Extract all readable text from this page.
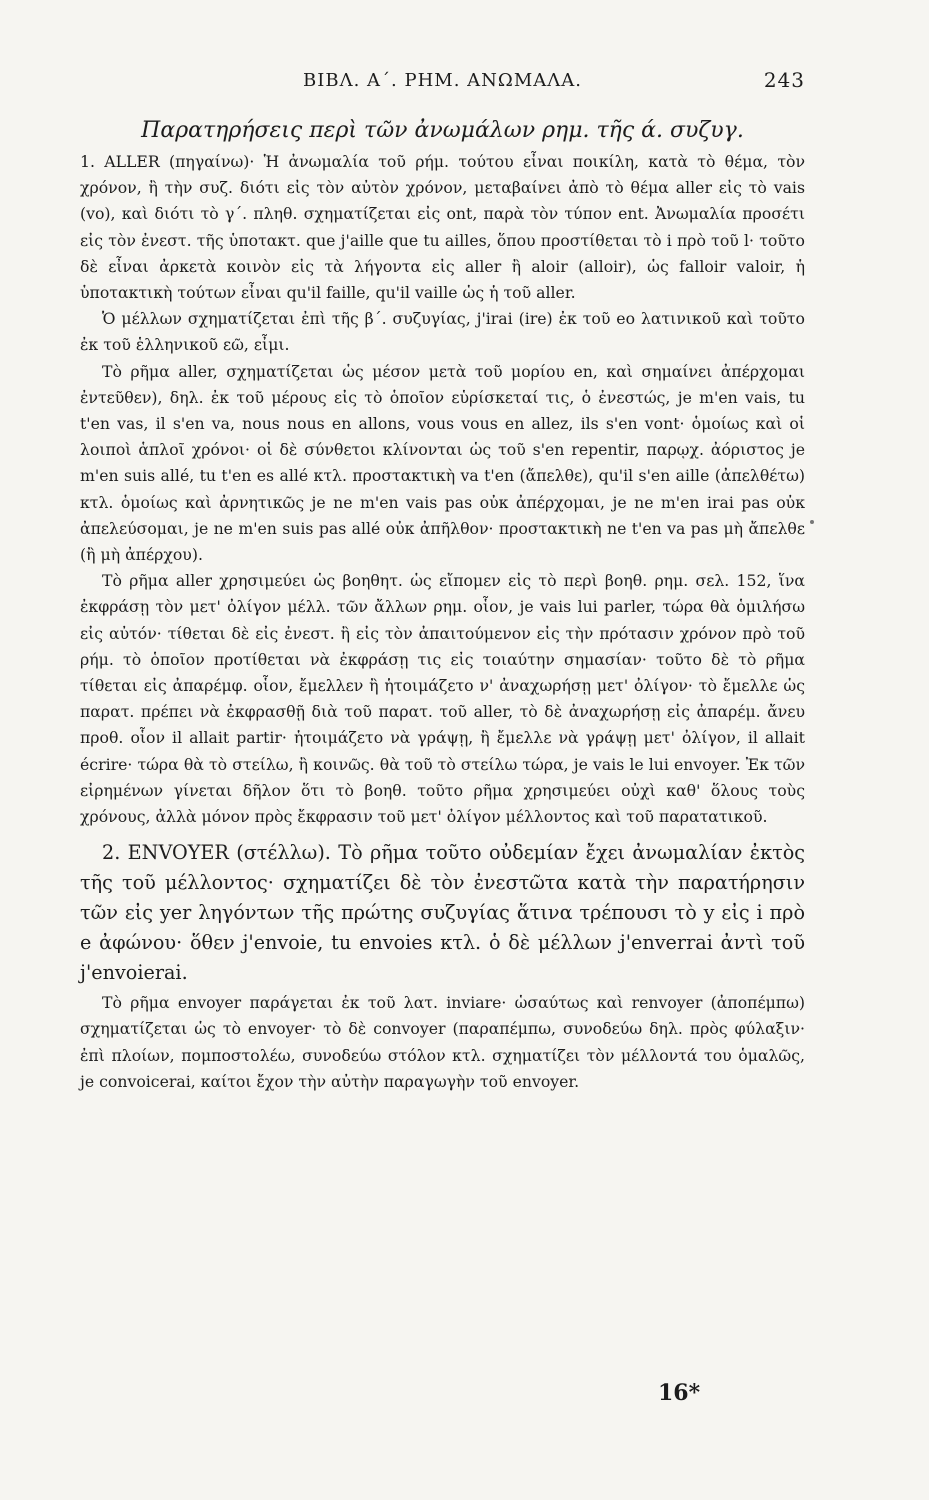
ΒΙΒΛ. Α΄. ΡΗΜ. ΑΝΩΜΑΛΑ.	243
Παρατηρήσεις περὶ τῶν ἀνωμάλων ρημ. τῆς ά. συζυγ.

1. ALLER (πηγαίνω)· Ἡ ἀνωμαλία τοῦ ρήμ. τούτου εἶναι ποικίλη, κατὰ τὸ θέμα, τὸν χρόνον, ἢ τὴν συζ. διότι εἰς τὸν αὐτὸν χρόνον, μεταβαίνει ἀπὸ τὸ θέμα aller εἰς τὸ vais (vo), καὶ διότι τὸ γ΄. πληθ. σχηματίζεται εἰς ont, παρὰ τὸν τύπον ent. Ἀνωμαλία προσέτι εἰς τὸν ἐνεστ. τῆς ὑποτακτ. que j'aille que tu ailles, ὅπου προστίθεται τὸ i πρὸ τοῦ l· τοῦτο δὲ εἶναι ἀρκετὰ κοινὸν εἰς τὰ λήγοντα εἰς aller ἢ aloir (alloir), ὡς falloir valoir, ἡ ὑποτακτικὴ τούτων εἶναι qu'il faille, qu'il vaille ὡς ἡ τοῦ aller.

Ὁ μέλλων σχηματίζεται ἐπὶ τῆς β΄. συζυγίας, j'irai (ire) ἐκ τοῦ eo λατινικοῦ καὶ τοῦτο ἐκ τοῦ ἑλληνικοῦ εῶ, εἶμι.

Τὸ ρῆμα aller, σχηματίζεται ὡς μέσον μετὰ τοῦ μορίου en, καὶ σημαίνει ἀπέρχομαι ἐντεῦθεν), δηλ. ἐκ τοῦ μέρους εἰς τὸ ὁποῖον εὑρίσκεταί τις, ὁ ἐνεστώς, je m'en vais, tu t'en vas, il s'en va, nous nous en allons, vous vous en allez, ils s'en vont· ὁμοίως καὶ οἱ λοιποὶ ἁπλοῖ χρόνοι· οἱ δὲ σύνθετοι κλίνονται ὡς τοῦ s'en repentir, παρῳχ. ἀόριστος je m'en suis allé, tu t'en es allé κτλ. προστακτικὴ va t'en (ἄπελθε), qu'il s'en aille (ἀπελθέτω) κτλ. ὁμοίως καὶ ἀρνητικῶς je ne m'en vais pas οὐκ ἀπέρχομαι, je ne m'en irai pas οὐκ ἀπελεύσομαι, je ne m'en suis pas allé οὐκ ἀπῆλθον· προστακτικὴ ne t'en va pas μὴ ἄπελθε (ἢ μὴ ἀπέρχου).

Τὸ ρῆμα aller χρησιμεύει ὡς βοηθητ. ὡς εἴπομεν εἰς τὸ περὶ βοηθ. ρημ. σελ. 152, ἵνα ἐκφράσῃ τὸν μετ' ὀλίγον μέλλ. τῶν ἄλλων ρημ. οἷον, je vais lui parler, τώρα θὰ ὁμιλήσω εἰς αὐτόν· τίθεται δὲ εἰς ἐνεστ. ἢ εἰς τὸν ἀπαιτούμενον εἰς τὴν πρότασιν χρόνον πρὸ τοῦ ρήμ. τὸ ὁποῖον προτίθεται νὰ ἐκφράσῃ τις εἰς τοιαύτην σημασίαν· τοῦτο δὲ τὸ ρῆμα τίθεται εἰς ἀπαρέμφ. οἷον, ἔμελλεν ἢ ἡτοιμάζετο ν' ἀναχωρήσῃ μετ' ὀλίγον· τὸ ἔμελλε ὡς παρατ. πρέπει νὰ ἐκφρασθῇ διὰ τοῦ παρατ. τοῦ aller, τὸ δὲ ἀναχωρήσῃ εἰς ἀπαρέμ. ἄνευ προθ. οἷον il allait partir· ἡτοιμάζετο νὰ γράψῃ, ἢ ἔμελλε νὰ γράψῃ μετ' ὀλίγον, il allait écrire· τώρα θὰ τὸ στείλω, ἢ κοινῶς. θὰ τοῦ τὸ στείλω τώρα, je vais le lui envoyer. Ἐκ τῶν εἰρημένων γίνεται δῆλον ὅτι τὸ βοηθ. τοῦτο ρῆμα χρησιμεύει οὐχὶ καθ' ὅλους τοὺς χρόνους, ἀλλὰ μόνον πρὸς ἔκφρασιν τοῦ μετ' ὀλίγον μέλλοντος καὶ τοῦ παρατατικοῦ.

2. ENVOYER (στέλλω). Τὸ ρῆμα τοῦτο οὐδεμίαν ἔχει ἀνωμαλίαν ἐκτὸς τῆς τοῦ μέλλοντος· σχηματίζει δὲ τὸν ἐνεστῶτα κατὰ τὴν παρατήρησιν τῶν εἰς yer ληγόντων τῆς πρώτης συζυγίας ἅτινα τρέπουσι τὸ y εἰς i πρὸ e ἀφώνου· ὅθεν j'envoie, tu envoies κτλ. ὁ δὲ μέλλων j'enverrai ἀντὶ τοῦ j'envoierai.

Τὸ ρῆμα envoyer παράγεται ἐκ τοῦ λατ. inviare· ὡσαύτως καὶ renvoyer (ἀποπέμπω) σχηματίζεται ὡς τὸ envoyer· τὸ δὲ convoyer (παραπέμπω, συνοδεύω δηλ. πρὸς φύλαξιν· ἐπὶ πλοίων, πομποστολέω, συνοδεύω στόλον κτλ. σχηματίζει τὸν μέλλοντά του ὁμαλῶς, je convoicerai, καίτοι ἔχον τὴν αὐτὴν παραγωγὴν τοῦ envoyer.

16*
